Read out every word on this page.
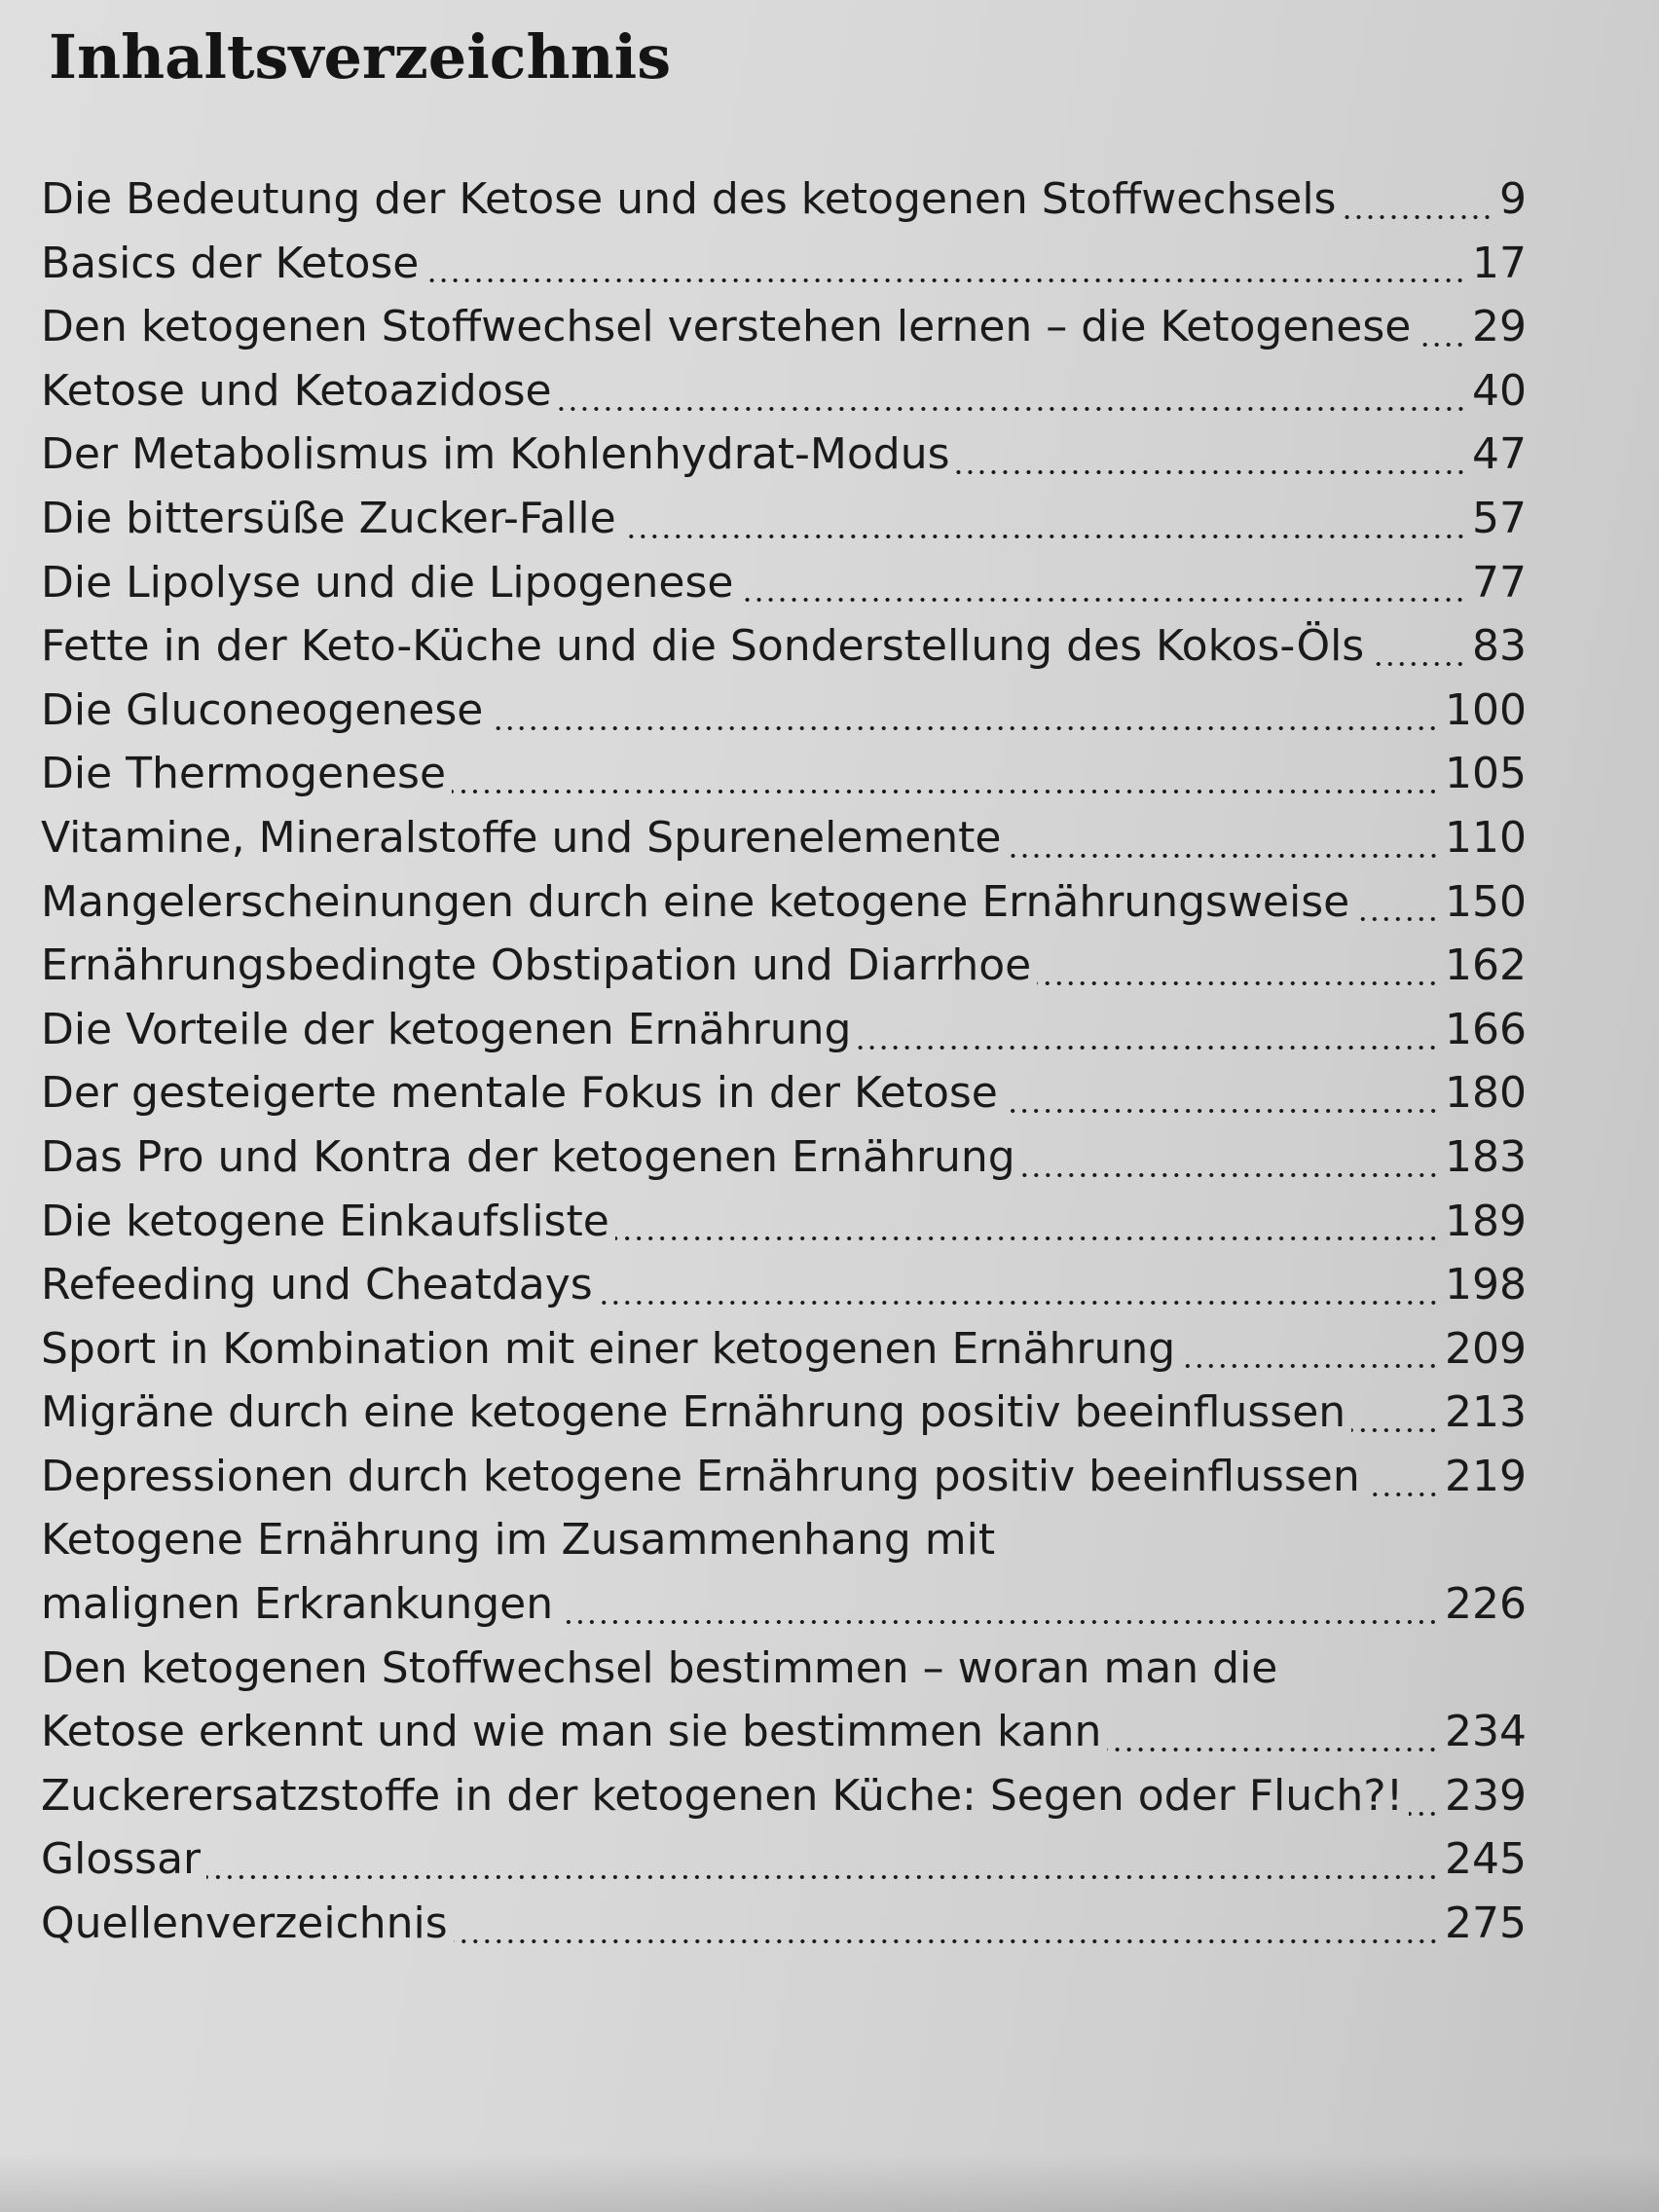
Inhaltsverzeichnis
Die Bedeutung der Ketose und des ketogenen Stoffwechsels	9
Basics der Ketose	17
Den ketogenen Stoffwechsel verstehen lernen – die Ketogenese 29
Ketose und Ketoazidose	40
Der Metabolismus im Kohlenhydrat-Modus	47
Die bittersüße Zucker-Falle	57
Die Lipolyse und die Lipogenese	77
Fette in der Keto-Küche und die Sonderstellung des Kokos-Öls	83
Die Gluconeogenese	100
Die Thermogenese	105
Vitamine, Mineralstoffe und Spurenelemente	110
Mangelerscheinungen durch eine ketogene Ernährungsweise 150
Ernährungsbedingte Obstipation und Diarrhoe	162
Die Vorteile der ketogenen Ernährung	166
Der gesteigerte mentale Fokus in der Ketose	180
Das Pro und Kontra der ketogenen Ernährung	183
Die ketogene Einkaufsliste	189
Refeeding und Cheatdays	198
Sport in Kombination mit einer ketogenen Ernährung	209
Migräne durch eine ketogene Ernährung positiv beeinflussen 213
Depressionen durch ketogene Ernährung positiv beeinflussen 219
Ketogene Ernährung im Zusammenhang mit
malignen Erkrankungen	226
Den ketogenen Stoffwechsel bestimmen – woran man die
Ketose erkennt und wie man sie bestimmen kann	234
Zuckerersatzstoffe in der ketogenen Küche: Segen oder Fluch?! 239
Glossar	245
Quellenverzeichnis	275
